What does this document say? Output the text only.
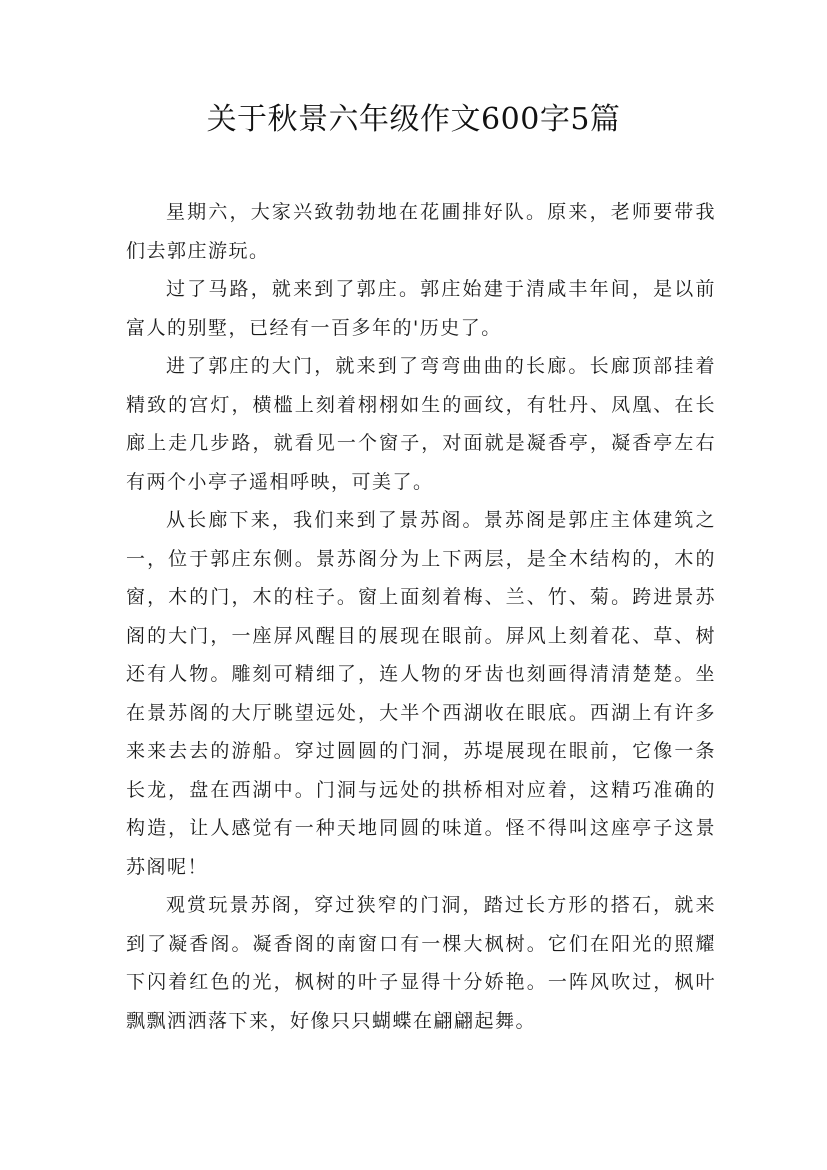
关于秋景六年级作文600字5篇

星期六，大家兴致勃勃地在花圃排好队。原来，老师要带我们去郭庄游玩。

过了马路，就来到了郭庄。郭庄始建于清咸丰年间，是以前富人的别墅，已经有一百多年的'历史了。

进了郭庄的大门，就来到了弯弯曲曲的长廊。长廊顶部挂着精致的宫灯，横槛上刻着栩栩如生的画纹，有牡丹、凤凰、在长廊上走几步路，就看见一个窗子，对面就是凝香亭，凝香亭左右有两个小亭子遥相呼映，可美了。

从长廊下来，我们来到了景苏阁。景苏阁是郭庄主体建筑之一，位于郭庄东侧。景苏阁分为上下两层，是全木结构的，木的窗，木的门，木的柱子。窗上面刻着梅、兰、竹、菊。跨进景苏阁的大门，一座屏风醒目的展现在眼前。屏风上刻着花、草、树还有人物。雕刻可精细了，连人物的牙齿也刻画得清清楚楚。坐在景苏阁的大厅眺望远处，大半个西湖收在眼底。西湖上有许多来来去去的游船。穿过圆圆的门洞，苏堤展现在眼前，它像一条长龙，盘在西湖中。门洞与远处的拱桥相对应着，这精巧准确的构造，让人感觉有一种天地同圆的味道。怪不得叫这座亭子这景苏阁呢！

观赏玩景苏阁，穿过狭窄的门洞，踏过长方形的搭石，就来到了凝香阁。凝香阁的南窗口有一棵大枫树。它们在阳光的照耀下闪着红色的光，枫树的叶子显得十分娇艳。一阵风吹过，枫叶飘飘洒洒落下来，好像只只蝴蝶在翩翩起舞。
